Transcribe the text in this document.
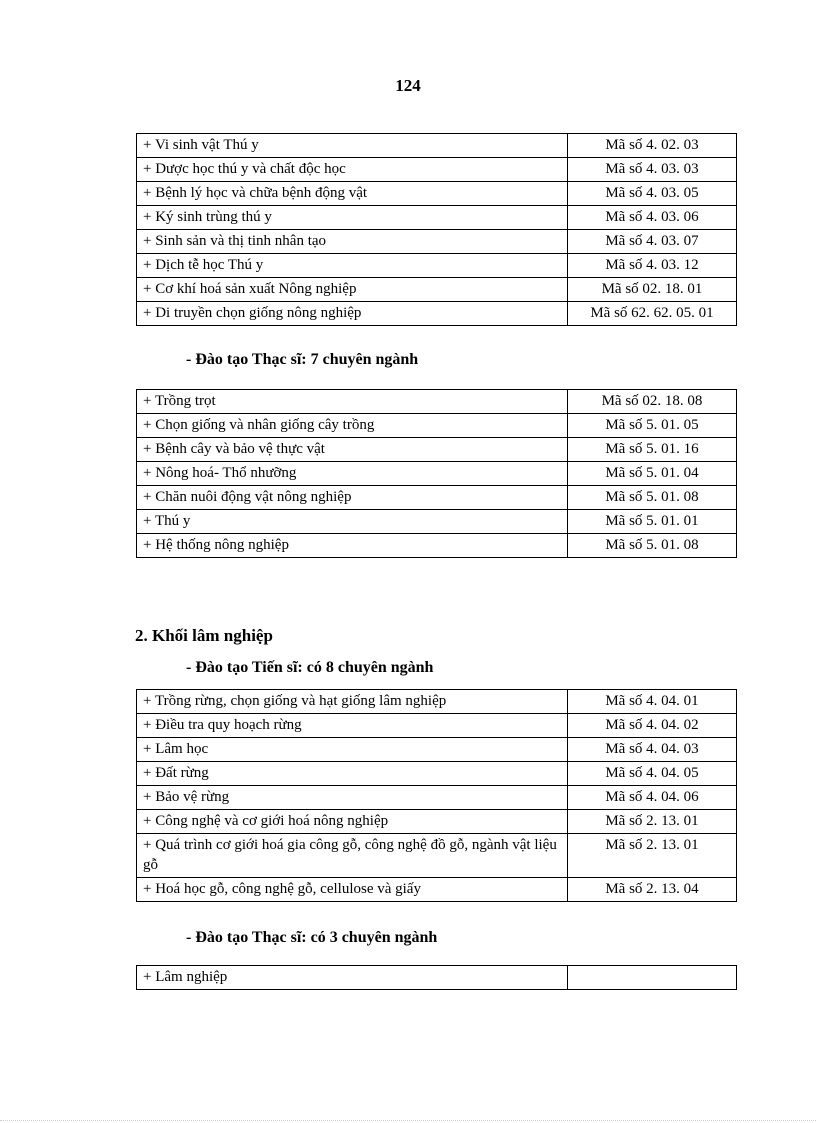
124
+ Vi sinh vật Thú y	Mã số 4. 02. 03
+ Dược học thú y và chất độc học	Mã số 4. 03. 03
+ Bệnh lý học và chữa bệnh động vật	Mã số 4. 03. 05
+ Ký sinh trùng thú y	Mã số 4. 03. 06
+ Sinh sản và thị tinh nhân tạo	Mã số 4. 03. 07
+ Dịch tễ học Thú y	Mã số 4. 03. 12
+ Cơ khí hoá sản xuất Nông nghiệp	Mã số 02. 18. 01
+ Di truyền chọn giống nông nghiệp	Mã số 62. 62. 05. 01
- Đào tạo Thạc sĩ: 7 chuyên ngành
+ Trồng trọt	Mã số 02. 18. 08
+ Chọn giống và nhân giống cây trồng	Mã số 5. 01. 05
+ Bệnh cây và bảo vệ thực vật	Mã số 5. 01. 16
+ Nông hoá- Thổ nhưỡng	Mã số 5. 01. 04
+ Chăn nuôi động vật nông nghiệp	Mã số 5. 01. 08
+ Thú y	Mã số 5. 01. 01
+ Hệ thống nông nghiệp	Mã số 5. 01. 08
2. Khối lâm nghiệp
- Đào tạo Tiến sĩ: có 8 chuyên ngành
+ Trồng rừng, chọn giống và hạt giống lâm nghiệp	Mã số 4. 04. 01
+ Điều tra quy hoạch rừng	Mã số 4. 04. 02
+ Lâm học	Mã số 4. 04. 03
+ Đất rừng	Mã số 4. 04. 05
+ Bảo vệ rừng	Mã số 4. 04. 06
+ Công nghệ và cơ giới hoá nông nghiệp	Mã số 2. 13. 01
+ Quá trình cơ giới hoá gia công gỗ, công nghệ đồ gỗ, ngành vật liệu gỗ	Mã số 2. 13. 01
+ Hoá học gỗ, công nghệ gỗ, cellulose và giấy	Mã số 2. 13. 04
- Đào tạo Thạc sĩ: có 3 chuyên ngành
+ Lâm nghiệp	
